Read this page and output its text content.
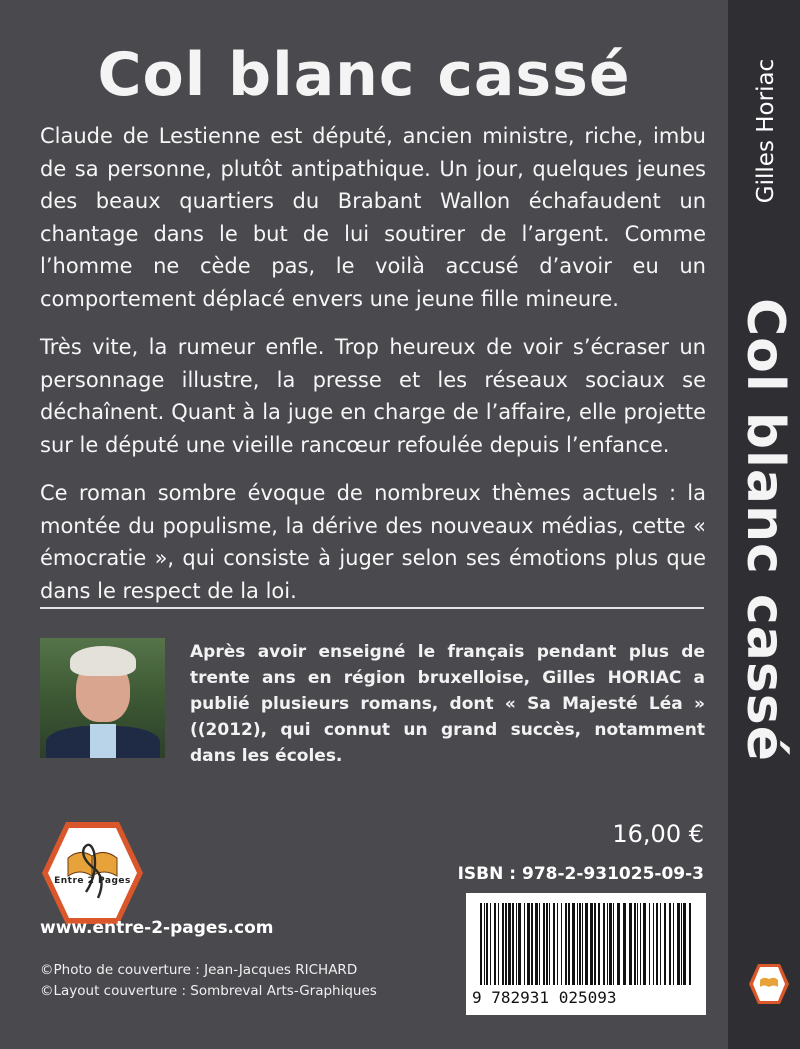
Col blanc cassé

Claude de Lestienne est député, ancien ministre, riche, imbu de sa personne, plutôt antipathique. Un jour, quelques jeunes des beaux quartiers du Brabant Wallon échafaudent un chantage dans le but de lui soutirer de l’argent. Comme l’homme ne cède pas, le voilà accusé d’avoir eu un comportement déplacé envers une jeune fille mineure.

Très vite, la rumeur enfle. Trop heureux de voir s’écraser un personnage illustre, la presse et les réseaux sociaux se déchaînent. Quant à la juge en charge de l’affaire, elle projette sur le député une vieille rancœur refoulée depuis l’enfance.

Ce roman sombre évoque de nombreux thèmes actuels : la montée du populisme, la dérive des nouveaux médias, cette « émocratie », qui consiste à juger selon ses émotions plus que dans le respect de la loi.

Après avoir enseigné le français pendant plus de trente ans en région bruxelloise, Gilles HORIAC a publié plusieurs romans, dont « Sa Majesté Léa » ((2012), qui connut un grand succès, notamment dans les écoles.
Entre 2 Pages
16,00 €
ISBN : 978-2-931025-09-3
www.entre-2-pages.com
©Photo de couverture : Jean-Jacques RICHARD
©Layout couverture : Sombreval Arts-Graphiques	9 782931 025093
Gilles Horiac
Col blanc cassé
